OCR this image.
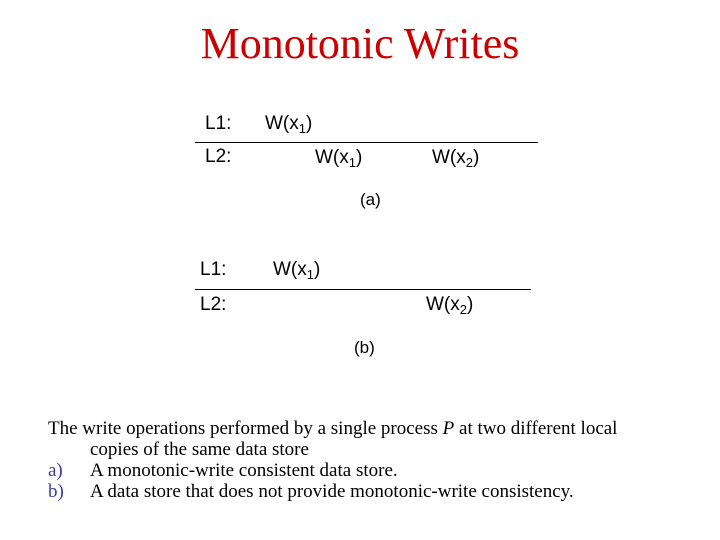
Monotonic Writes
L1: $W(x_1)$
L2:	$W(x_1)$	$W(x_2)$
(a)
L1: $W(x_1)$
L2:	$W(x_2)$
(b)
The write operations performed by a single process P at two different local
copies of the same data store
a)	A monotonic-write consistent data store.
b)	A data store that does not provide monotonic-write consistency.
